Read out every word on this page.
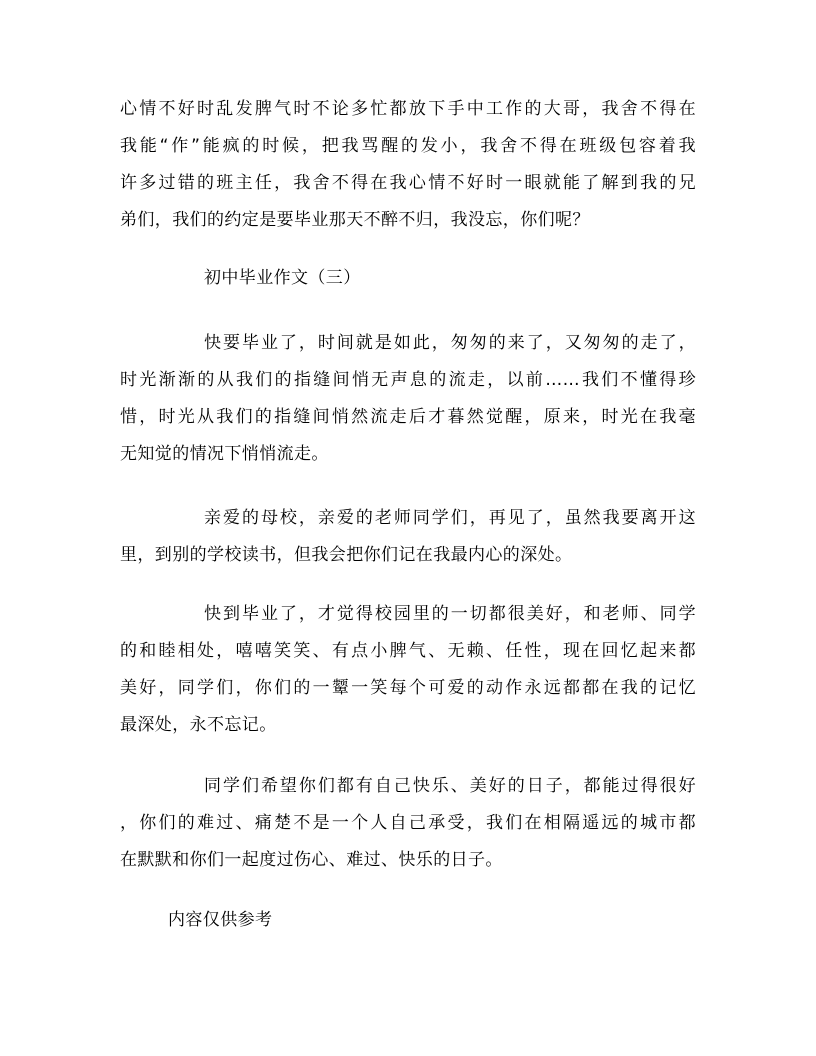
心情不好时乱发脾气时不论多忙都放下手中工作的大哥，我舍不得在
我能“作”能疯的时候，把我骂醒的发小，我舍不得在班级包容着我
许多过错的班主任，我舍不得在我心情不好时一眼就能了解到我的兄
弟们，我们的约定是要毕业那天不醉不归，我没忘，你们呢？
初中毕业作文（三）
快要毕业了，时间就是如此，匆匆的来了，又匆匆的走了，
时光渐渐的从我们的指缝间悄无声息的流走，以前……我们不懂得珍
惜，时光从我们的指缝间悄然流走后才暮然觉醒，原来，时光在我毫
无知觉的情况下悄悄流走。
亲爱的母校，亲爱的老师同学们，再见了，虽然我要离开这
里，到别的学校读书，但我会把你们记在我最内心的深处。
快到毕业了，才觉得校园里的一切都很美好，和老师、同学
的和睦相处，嘻嘻笑笑、有点小脾气、无赖、任性，现在回忆起来都
美好，同学们，你们的一颦一笑每个可爱的动作永远都都在我的记忆
最深处，永不忘记。
同学们希望你们都有自己快乐、美好的日子，都能过得很好
，你们的难过、痛楚不是一个人自己承受，我们在相隔遥远的城市都
在默默和你们一起度过伤心、难过、快乐的日子。
内容仅供参考
